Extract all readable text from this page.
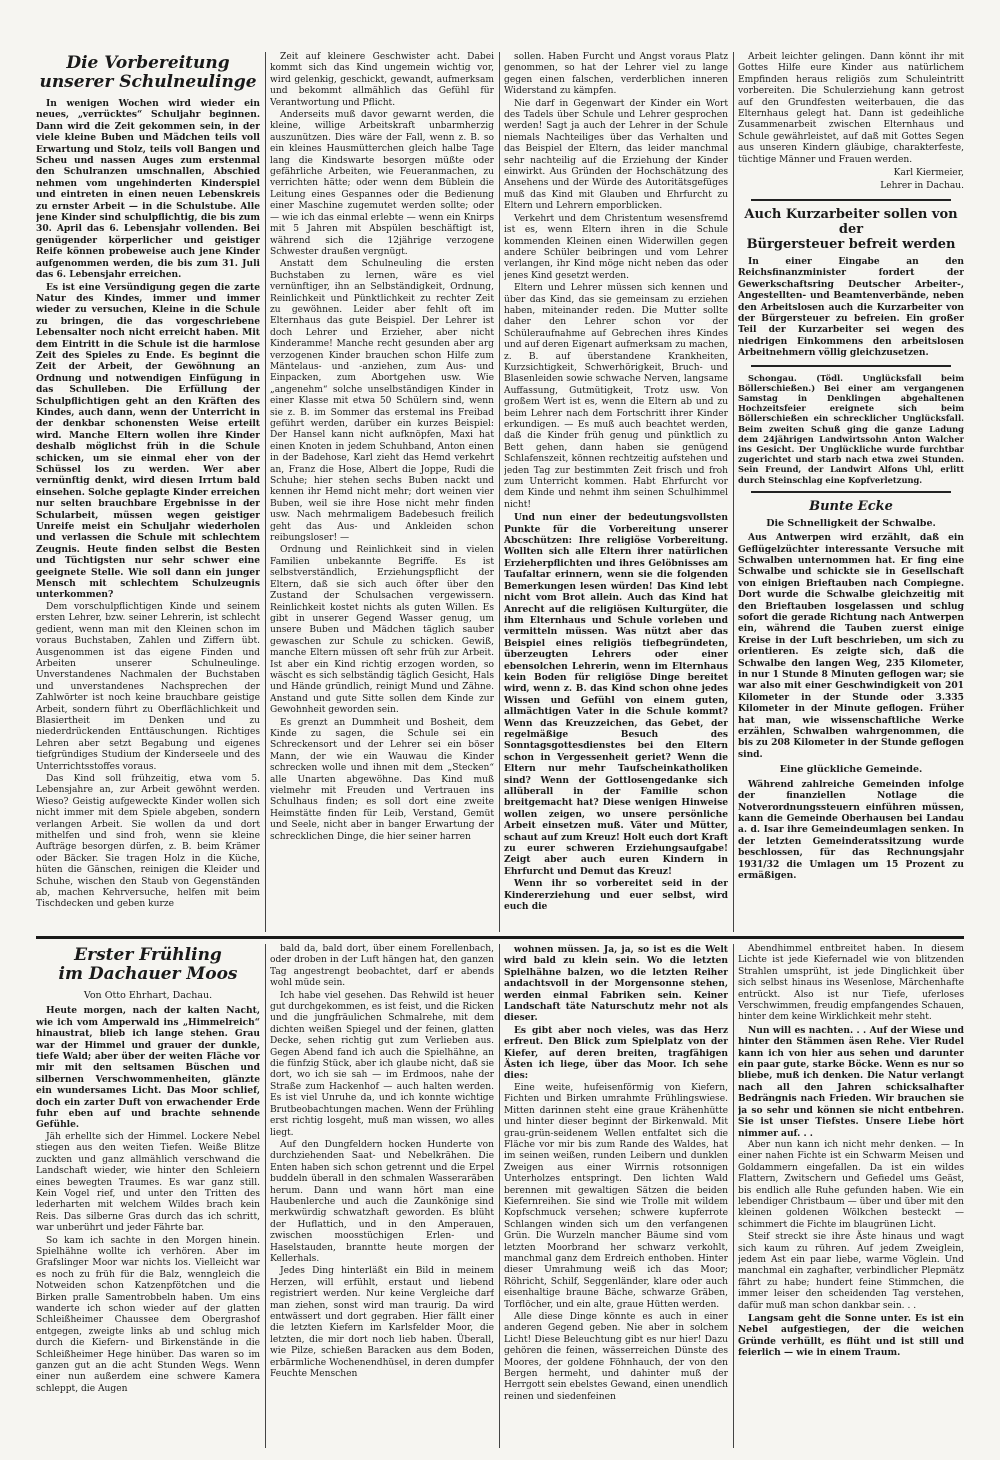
Die Vorbereitung
unserer Schulneulinge

In wenigen Wochen wird wieder ein neues, „verrücktes“ Schuljahr beginnen. Dann wird die Zeit gekommen sein, in der viele kleine Buben und Mädchen teils voll Erwartung und Stolz, teils voll Bangen und Scheu und nassen Auges zum erstenmal den Schulranzen umschnallen, Abschied nehmen vom ungehinderten Kinderspiel und eintreten in einen neuen Lebenskreis zu ernster Arbeit — in die Schulstube. Alle jene Kinder sind schulpflichtig, die bis zum 30. April das 6. Lebensjahr vollenden. Bei genügender körperlicher und geistiger Reife können probeweise auch jene Kinder aufgenommen werden, die bis zum 31. Juli das 6. Lebensjahr erreichen.

Es ist eine Versündigung gegen die zarte Natur des Kindes, immer und immer wieder zu versuchen, Kleine in die Schule zu bringen, die das vorgeschriebene Lebensalter noch nicht erreicht haben. Mit dem Eintritt in die Schule ist die harmlose Zeit des Spieles zu Ende. Es beginnt die Zeit der Arbeit, der Gewöhnung an Ordnung und notwendigen Einfügung in das Schulleben. Die Erfüllung der Schulpflichtigen geht an den Kräften des Kindes, auch dann, wenn der Unterricht in der denkbar schonensten Weise erteilt wird. Manche Eltern wollen ihre Kinder deshalb möglichst früh in die Schule schicken, um sie einmal eher von der Schüssel los zu werden. Wer aber vernünftig denkt, wird diesen Irrtum bald einsehen. Solche geplagte Kinder erreichen nur selten brauchbare Ergebnisse in der Schularbeit, müssen wegen geistiger Unreife meist ein Schuljahr wiederholen und verlassen die Schule mit schlechtem Zeugnis. Heute finden selbst die Besten und Tüchtigsten nur sehr schwer eine geeignete Stelle. Wie soll dann ein junger Mensch mit schlechtem Schulzeugnis unterkommen?

Dem vorschulpflichtigen Kinde und seinem ersten Lehrer, bzw. seiner Lehrerin, ist schlecht gedient, wenn man mit den Kleinen schon im voraus Buchstaben, Zahlen und Ziffern übt. Ausgenommen ist das eigene Finden und Arbeiten unserer Schulneulinge. Unverstandenes Nachmalen der Buchstaben und unverstandenes Nachsprechen der Zahlwörter ist noch keine brauchbare geistige Arbeit, sondern führt zu Oberflächlichkeit und Blasiertheit im Denken und zu niederdrückenden Enttäuschungen. Richtiges Lehren aber setzt Begabung und eigenes tiefgründiges Studium der Kinderseele und des Unterrichtsstoffes voraus.

Das Kind soll frühzeitig, etwa vom 5. Lebensjahre an, zur Arbeit gewöhnt werden. Wieso? Geistig aufgeweckte Kinder wollen sich nicht immer mit dem Spiele abgeben, sondern verlangen Arbeit. Sie wollen da und dort mithelfen und sind froh, wenn sie kleine Aufträge besorgen dürfen, z. B. beim Krämer oder Bäcker. Sie tragen Holz in die Küche, hüten die Gänschen, reinigen die Kleider und Schuhe, wischen den Staub von Gegenständen ab, machen Kehrversuche, helfen mit beim Tischdecken und geben kurze

Zeit auf kleinere Geschwister acht. Dabei kommt sich das Kind ungemein wichtig vor, wird gelenkig, geschickt, gewandt, aufmerksam und bekommt allmählich das Gefühl für Verantwortung und Pflicht.

Anderseits muß davor gewarnt werden, die kleine, willige Arbeitskraft unbarmherzig auszunützen. Dies wäre der Fall, wenn z. B. so ein kleines Hausmütterchen gleich halbe Tage lang die Kindswarte besorgen müßte oder gefährliche Arbeiten, wie Feueranmachen, zu verrichten hätte; oder wenn dem Büblein die Leitung eines Gespannes oder die Bedienung einer Maschine zugemutet werden sollte; oder — wie ich das einmal erlebte — wenn ein Knirps mit 5 Jahren mit Abspülen beschäftigt ist, während sich die 12jährige verzogene Schwester draußen vergnügt.

Anstatt dem Schulneuling die ersten Buchstaben zu lernen, wäre es viel vernünftiger, ihn an Selbständigkeit, Ordnung, Reinlichkeit und Pünktlichkeit zu rechter Zeit zu gewöhnen. Leider aber fehlt oft im Elternhaus das gute Beispiel. Der Lehrer ist doch Lehrer und Erzieher, aber nicht Kinderamme! Manche recht gesunden aber arg verzogenen Kinder brauchen schon Hilfe zum Mäntelaus- und -anziehen, zum Aus- und Einpacken, zum Abortgehen usw. Wie „angenehm“ solche unselbständigen Kinder in einer Klasse mit etwa 50 Schülern sind, wenn sie z. B. im Sommer das erstemal ins Freibad geführt werden, darüber ein kurzes Beispiel: Der Hansel kann nicht aufknöpfen, Maxi hat einen Knoten in jedem Schuhband, Anton einen in der Badehose, Karl zieht das Hemd verkehrt an, Franz die Hose, Albert die Joppe, Rudi die Schuhe; hier stehen sechs Buben nackt und kennen ihr Hemd nicht mehr; dort weinen vier Buben, weil sie ihre Hose nicht mehr finden usw. Nach mehrmaligem Badebesuch freilich geht das Aus- und Ankleiden schon reibungsloser! —

Ordnung und Reinlichkeit sind in vielen Familien unbekannte Begriffe. Es ist selbstverständlich, Erziehungspflicht der Eltern, daß sie sich auch öfter über den Zustand der Schulsachen vergewissern. Reinlichkeit kostet nichts als guten Willen. Es gibt in unserer Gegend Wasser genug, um unsere Buben und Mädchen täglich sauber gewaschen zur Schule zu schicken. Gewiß, manche Eltern müssen oft sehr früh zur Arbeit. Ist aber ein Kind richtig erzogen worden, so wäscht es sich selbständig täglich Gesicht, Hals und Hände gründlich, reinigt Mund und Zähne. Anstand und gute Sitte sollen dem Kinde zur Gewohnheit geworden sein.

Es grenzt an Dummheit und Bosheit, dem Kinde zu sagen, die Schule sei ein Schreckensort und der Lehrer sei ein böser Mann, der wie ein Wauwau die Kinder schrecken wolle und ihnen mit dem „Stecken“ alle Unarten abgewöhne. Das Kind muß vielmehr mit Freuden und Vertrauen ins Schulhaus finden; es soll dort eine zweite Heimstätte finden für Leib, Verstand, Gemüt und Seele, nicht aber in banger Erwartung der schrecklichen Dinge, die hier seiner harren

sollen. Haben Furcht und Angst voraus Platz genommen, so hat der Lehrer viel zu lange gegen einen falschen, verderblichen inneren Widerstand zu kämpfen.

Nie darf in Gegenwart der Kinder ein Wort des Tadels über Schule und Lehrer gesprochen werden! Sagt ja auch der Lehrer in der Schule niemals Nachteiliges über das Verhalten und das Beispiel der Eltern, das leider manchmal sehr nachteilig auf die Erziehung der Kinder einwirkt. Aus Gründen der Hochschätzung des Ansehens und der Würde des Autoritätsgefüges muß das Kind mit Glauben und Ehrfurcht zu Eltern und Lehrern emporblicken.

Verkehrt und dem Christentum wesensfremd ist es, wenn Eltern ihren in die Schule kommenden Kleinen einen Widerwillen gegen andere Schüler beibringen und vom Lehrer verlangen, ihr Kind möge nicht neben das oder jenes Kind gesetzt werden.

Eltern und Lehrer müssen sich kennen und über das Kind, das sie gemeinsam zu erziehen haben, miteinander reden. Die Mutter sollte daher den Lehrer schon vor der Schüleraufnahme auf Gebrechen ihres Kindes und auf deren Eigenart aufmerksam zu machen, z. B. auf überstandene Krankheiten, Kurzsichtigkeit, Schwerhörigkeit, Bruch- und Blasenleiden sowie schwache Nerven, langsame Auffassung, Gutmütigkeit, Trotz usw. Von großem Wert ist es, wenn die Eltern ab und zu beim Lehrer nach dem Fortschritt ihrer Kinder erkundigen. — Es muß auch beachtet werden, daß die Kinder früh genug und pünktlich zu Bett gehen, dann haben sie genügend Schlafenszeit, können rechtzeitig aufstehen und jeden Tag zur bestimmten Zeit frisch und froh zum Unterricht kommen. Habt Ehrfurcht vor dem Kinde und nehmt ihm seinen Schulhimmel nicht!

Und nun einer der bedeutungsvollsten Punkte für die Vorbereitung unserer Abcschützen: Ihre religiöse Vorbereitung. Wollten sich alle Eltern ihrer natürlichen Erzieherpflichten und ihres Gelöbnisses am Taufaltar erinnern, wenn sie die folgenden Bemerkungen lesen würden! Das Kind lebt nicht vom Brot allein. Auch das Kind hat Anrecht auf die religiösen Kulturgüter, die ihm Elternhaus und Schule vorleben und vermitteln müssen. Was nützt aber das Beispiel eines religiös tiefbegründeten, überzeugten Lehrers oder einer ebensolchen Lehrerin, wenn im Elternhaus kein Boden für religiöse Dinge bereitet wird, wenn z. B. das Kind schon ohne jedes Wissen und Gefühl von einem guten, allmächtigen Vater in die Schule kommt? Wenn das Kreuzzeichen, das Gebet, der regelmäßige Besuch des Sonntagsgottesdienstes bei den Eltern schon in Vergessenheit geriet? Wenn die Eltern nur mehr Taufscheinkatholiken sind? Wenn der Gottlosengedanke sich allüberall in der Familie schon breitgemacht hat? Diese wenigen Hinweise wollen zeigen, wo unsere persönliche Arbeit einsetzen muß. Väter und Mütter, schaut auf zum Kreuz! Holt euch dort Kraft zu eurer schweren Erziehungsaufgabe! Zeigt aber auch euren Kindern in Ehrfurcht und Demut das Kreuz!

Wenn ihr so vorbereitet seid in der Kindererziehung und euer selbst, wird euch die

Arbeit leichter gelingen. Dann könnt ihr mit Gottes Hilfe eure Kinder aus natürlichem Empfinden heraus religiös zum Schuleintritt vorbereiten. Die Schulerziehung kann getrost auf den Grundfesten weiterbauen, die das Elternhaus gelegt hat. Dann ist gedeihliche Zusammenarbeit zwischen Elternhaus und Schule gewährleistet, auf daß mit Gottes Segen aus unseren Kindern gläubige, charakterfeste, tüchtige Männer und Frauen werden.

Karl Kiermeier,
Lehrer in Dachau.
Auch Kurzarbeiter sollen von der
Bürgersteuer befreit werden

In einer Eingabe an den Reichsfinanzminister fordert der Gewerkschaftsring Deutscher Arbeiter-, Angestellten- und Beamtenverbände, neben den Arbeitslosen auch die Kurzarbeiter von der Bürgersteuer zu befreien. Ein großer Teil der Kurzarbeiter sei wegen des niedrigen Einkommens den arbeitslosen Arbeitnehmern völlig gleichzusetzen.

Schongau. (Tödl. Unglücksfall beim Böllerschießen.) Bei einer am vergangenen Samstag in Denklingen abgehaltenen Hochzeitsfeier ereignete sich beim Böllerschießen ein schrecklicher Unglücksfall. Beim zweiten Schuß ging die ganze Ladung dem 24jährigen Landwirtssohn Anton Walcher ins Gesicht. Der Unglückliche wurde furchtbar zugerichtet und starb nach etwa zwei Stunden. Sein Freund, der Landwirt Alfons Uhl, erlitt durch Steinschlag eine Kopfverletzung.

Bunte Ecke
Die Schnelligkeit der Schwalbe.

Aus Antwerpen wird erzählt, daß ein Geflügelzüchter interessante Versuche mit Schwalben unternommen hat. Er fing eine Schwalbe und schickte sie in Gesellschaft von einigen Brieftauben nach Compiegne. Dort wurde die Schwalbe gleichzeitig mit den Brieftauben losgelassen und schlug sofort die gerade Richtung nach Antwerpen ein, während die Tauben zuerst einige Kreise in der Luft beschrieben, um sich zu orientieren. Es zeigte sich, daß die Schwalbe den langen Weg, 235 Kilometer, in nur 1 Stunde 8 Minuten geflogen war; sie war also mit einer Geschwindigkeit von 201 Kilometer in der Stunde oder 3.335 Kilometer in der Minute geflogen. Früher hat man, wie wissenschaftliche Werke erzählen, Schwalben wahrgenommen, die bis zu 208 Kilometer in der Stunde geflogen sind.

Eine glückliche Gemeinde.

Während zahlreiche Gemeinden infolge der finanziellen Notlage die Notverordnungssteuern einführen müssen, kann die Gemeinde Oberhausen bei Landau a. d. Isar ihre Gemeindeumlagen senken. In der letzten Gemeinderatssitzung wurde beschlossen, für das Rechnungsjahr 1931/32 die Umlagen um 15 Prozent zu ermäßigen.

Erster Frühling
im Dachauer Moos
Von Otto Ehrhart, Dachau.

Heute morgen, nach der kalten Nacht, wie ich vom Amperwald ins „Himmelreich“ hinaustrat, blieb ich lange stehen. Grau war der Himmel und grauer der dunkle, tiefe Wald; aber über der weiten Fläche vor mir mit den seltsamen Büschen und silbernen Verschwommenheiten, glänzte ein wundersames Licht. Das Moor schlief, doch ein zarter Duft von erwachender Erde fuhr eben auf und brachte sehnende Gefühle.

Jäh erhellte sich der Himmel. Lockere Nebel stiegen aus den weiten Tiefen. Weiße Blitze zuckten und ganz allmählich verschwand die Landschaft wieder, wie hinter den Schleiern eines bewegten Traumes. Es war ganz still. Kein Vogel rief, und unter den Tritten des lederharten mit welchem Wildes brach kein Reis. Das silberne Gras durch das ich schritt, war unberührt und jeder Fährte bar.

So kam ich sachte in den Morgen hinein. Spielhähne wollte ich verhören. Aber im Grafslinger Moor war nichts los. Vielleicht war es noch zu früh für die Balz, wenngleich die Notweiden schon Katzenpfötchen und die Birken pralle Samentrobbeln haben. Um eins wanderte ich schon wieder auf der glatten Schleißheimer Chaussee dem Obergrashof entgegen, zweigte links ab und schlug mich durch die Kiefern- und Birkenstände in die Schleißheimer Hege hinüber. Das waren so im ganzen gut an die acht Stunden Wegs. Wenn einer nun außerdem eine schwere Kamera schleppt, die Augen

bald da, bald dort, über einem Forellenbach, oder droben in der Luft hängen hat, den ganzen Tag angestrengt beobachtet, darf er abends wohl müde sein.

Ich habe viel gesehen. Das Rehwild ist heuer gut durchgekommen, es ist feist, und die Ricken und die jungfräulichen Schmalrehe, mit dem dichten weißen Spiegel und der feinen, glatten Decke, sehen richtig gut zum Verlieben aus. Gegen Abend fand ich auch die Spielhähne, an die fünfzig Stück, aber ich glaube nicht, daß sie dort, wo ich sie sah — im Erdmoos, nahe der Straße zum Hackenhof — auch halten werden. Es ist viel Unruhe da, und ich konnte wichtige Brutbeobachtungen machen. Wenn der Frühling erst richtig losgeht, muß man wissen, wo alles liegt.

Auf den Dungfeldern hocken Hunderte von durchziehenden Saat- und Nebelkrähen. Die Enten haben sich schon getrennt und die Erpel buddeln überall in den schmalen Wasseraräben herum. Dann und wann hört man eine Haubenlerche und auch die Zaunkönige sind merkwürdig schwatzhaft geworden. Es blüht der Huflattich, und in den Amperauen, zwischen moosstüchigen Erlen- und Haselstauden, branntte heute morgen der Kellerhals.

Jedes Ding hinterläßt ein Bild in meinem Herzen, will erfühlt, erstaut und liebend registriert werden. Nur keine Vergleiche darf man ziehen, sonst wird man traurig. Da wird entwässert und dort gegraben. Hier fällt einer die letzten Kiefern im Karlsfelder Moor, die letzten, die mir dort noch lieb haben. Überall, wie Pilze, schießen Baracken aus dem Boden, erbärmliche Wochenendhüsel, in deren dumpfer Feuchte Menschen

wohnen müssen. Ja, ja, so ist es die Welt wird bald zu klein sein. Wo die letzten Spielhähne balzen, wo die letzten Reiher andachtsvoll in der Morgensonne stehen, werden einmal Fabriken sein. Keiner Landschaft täte Naturschutz mehr not als dieser.

Es gibt aber noch vieles, was das Herz erfreut. Den Blick zum Spielplatz von der Kiefer, auf deren breiten, tragfähigen Ästen ich liege, über das Moor. Ich sehe dies:

Eine weite, hufeisenförmig von Kiefern, Fichten und Birken umrahmte Frühlingswiese. Mitten darinnen steht eine graue Krähenhütte und hinter dieser beginnt der Birkenwald. Mit grau-grün-seidenem Wellen entfaltet sich die Fläche vor mir bis zum Rande des Waldes, hat im seinen weißen, runden Leibern und dunklen Zweigen aus einer Wirrnis rotsonnigen Unterholzes entspringt. Den lichten Wald berennen mit gewaltigen Sätzen die beiden Kiefernreihen. Sie sind wie Trolle mit wildem Kopfschmuck versehen; schwere kupferrote Schlangen winden sich um den verfangenen Grün. Die Wurzeln mancher Bäume sind vom letzten Moorbrand her schwarz verkohlt, manchmal ganz dem Erdreich enthoben. Hinter dieser Umrahmung weiß ich das Moor; Röhricht, Schilf, Seggenländer, klare oder auch eisenhaltige braune Bäche, schwarze Gräben, Torflöcher, und ein alte, graue Hütten werden.

Alle diese Dinge könnte es auch in einer anderen Gegend geben. Nie aber in solchem Licht! Diese Beleuchtung gibt es nur hier! Dazu gehören die feinen, wässerreichen Dünste des Moores, der goldene Föhnhauch, der von den Bergen hermeht, und dahinter muß der Herrgott sein ebelstes Gewand, einen unendlich reinen und siedenfeinen

Abendhimmel entbreitet haben. In diesem Lichte ist jede Kiefernadel wie von blitzenden Strahlen umsprüht, ist jede Dinglichkeit über sich selbst hinaus ins Wesenlose, Märchenhafte entrückt. Also ist nur Tiefe, uferloses Verschwimmen, freudig empfangendes Schauen, hinter dem keine Wirklichkeit mehr steht.

Nun will es nachten. . . Auf der Wiese und hinter den Stämmen äsen Rehe. Vier Rudel kann ich von hier aus sehen und darunter ein paar gute, starke Böcke. Wenn es nur so bliebe, muß ich denken. Die Natur verlangt nach all den Jahren schicksalhafter Bedrängnis nach Frieden. Wir brauchen sie ja so sehr und können sie nicht entbehren. Sie ist unser Tiefstes. Unsere Liebe hört nimmer auf. . .

Aber nun kann ich nicht mehr denken. — In einer nahen Fichte ist ein Schwarm Meisen und Goldammern eingefallen. Da ist ein wildes Flattern, Zwitschern und Gefiedel ums Geäst, bis endlich alle Ruhe gefunden haben. Wie ein lebendiger Christbaum — über und über mit den kleinen goldenen Wölkchen besteckt — schimmert die Fichte im blaugrünen Licht.

Steif streckt sie ihre Äste hinaus und wagt sich kaum zu rühren. Auf jedem Zweiglein, jedem Ast ein paar liebe, warme Vöglein. Und manchmal ein zaghafter, verbindlicher Plepmätz fährt zu habe; hundert feine Stimmchen, die immer leiser den scheidenden Tag verstehen, dafür muß man schon dankbar sein. . .

Langsam geht die Sonne unter. Es ist ein Nebel aufgestiegen, der die weichen Gründe verhüllt, es flüht und ist still und feierlich — wie in einem Traum.
